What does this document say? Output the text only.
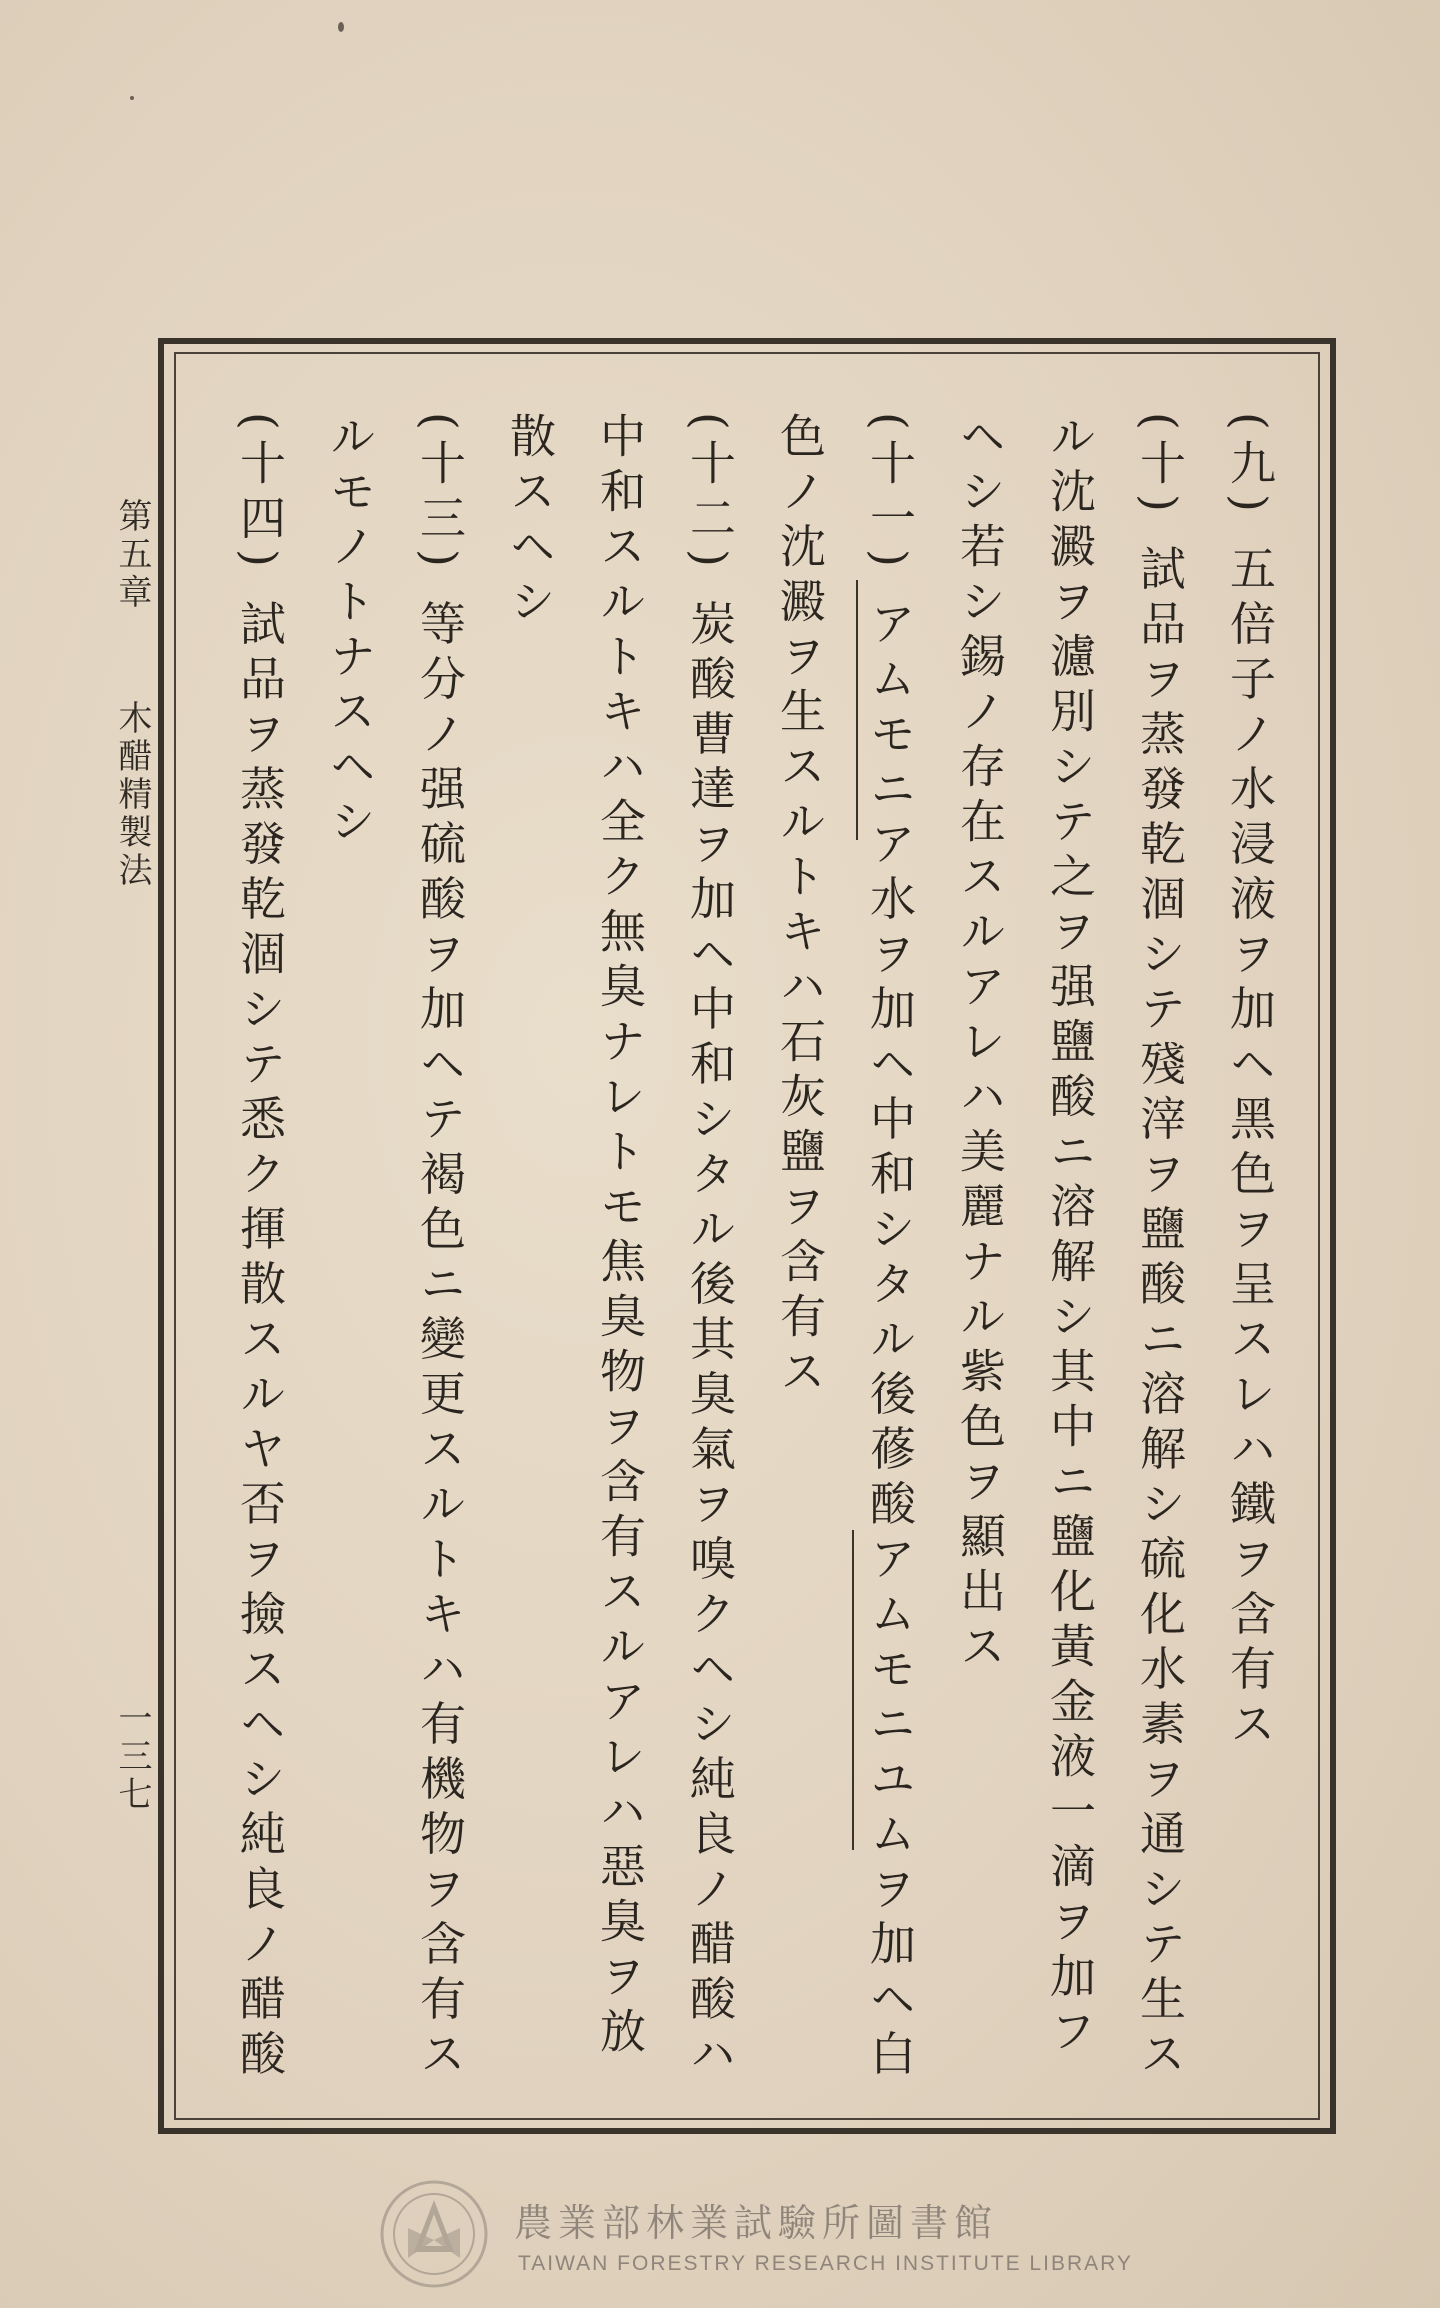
第五章
木醋精製法
一三七
(九) 五倍子ノ水浸液ヲ加ヘ黑色ヲ呈スレハ鐵ヲ含有ス
(十) 試品ヲ蒸發乾涸シテ殘滓ヲ鹽酸ニ溶解シ硫化水素ヲ通シテ生ス
ル沈澱ヲ濾別シテ之ヲ强鹽酸ニ溶解シ其中ニ鹽化黃金液一滴ヲ加フ
ヘシ若シ錫ノ存在スルアレハ美麗ナル紫色ヲ顯出ス
(十一) アムモニア水ヲ加ヘ中和シタル後蓚酸アムモニユムヲ加ヘ白
色ノ沈澱ヲ生スルトキハ石灰鹽ヲ含有ス
(十二) 炭酸曹達ヲ加ヘ中和シタル後其臭氣ヲ嗅クヘシ純良ノ醋酸ハ
中和スルトキハ全ク無臭ナレトモ焦臭物ヲ含有スルアレハ惡臭ヲ放
散スヘシ
(十三) 等分ノ强硫酸ヲ加ヘテ褐色ニ變更スルトキハ有機物ヲ含有ス
ルモノトナスヘシ
(十四) 試品ヲ蒸發乾涸シテ悉ク揮散スルヤ否ヲ撿スヘシ純良ノ醋酸
農業部林業試驗所圖書館
TAIWAN FORESTRY RESEARCH INSTITUTE LIBRARY
